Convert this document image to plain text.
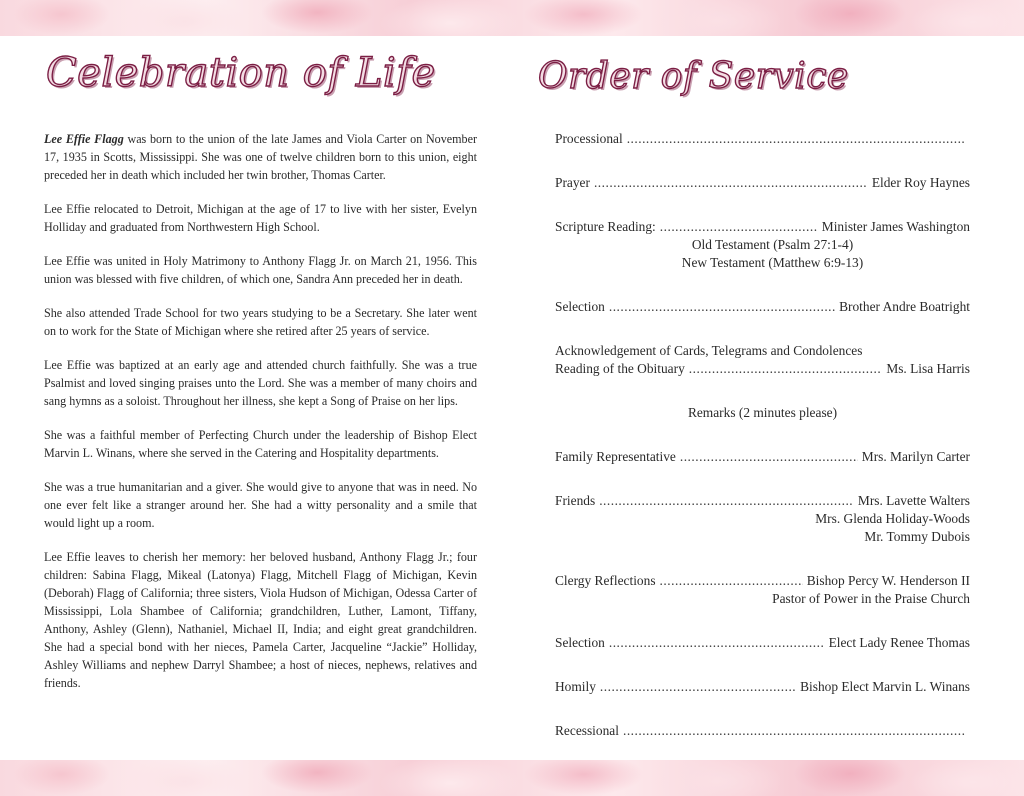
Celebration of Life

Lee Effie Flagg was born to the union of the late James and Viola Carter on November 17, 1935 in Scotts, Mississippi. She was one of twelve children born to this union, eight preceded her in death which included her twin brother, Thomas Carter.

Lee Effie relocated to Detroit, Michigan at the age of 17 to live with her sister, Evelyn Holliday and graduated from Northwestern High School.

Lee Effie was united in Holy Matrimony to Anthony Flagg Jr. on March 21, 1956. This union was blessed with five children, of which one, Sandra Ann preceded her in death.

She also attended Trade School for two years studying to be a Secretary. She later went on to work for the State of Michigan where she retired after 25 years of service.

Lee Effie was baptized at an early age and attended church faithfully. She was a true Psalmist and loved singing praises unto the Lord. She was a member of many choirs and sang hymns as a soloist. Throughout her illness, she kept a Song of Praise on her lips.

She was a faithful member of Perfecting Church under the leadership of Bishop Elect Marvin L. Winans, where she served in the Catering and Hospitality departments.

She was a true humanitarian and a giver. She would give to anyone that was in need. No one ever felt like a stranger around her. She had a witty personality and a smile that would light up a room.

Lee Effie leaves to cherish her memory: her beloved husband, Anthony Flagg Jr.; four children: Sabina Flagg, Mikeal (Latonya) Flagg, Mitchell Flagg of Michigan, Kevin (Deborah) Flagg of California; three sisters, Viola Hudson of Michigan, Odessa Carter of Mississippi, Lola Shambee of California; grandchildren, Luther, Lamont, Tiffany, Anthony, Ashley (Glenn), Nathaniel, Michael II, India; and eight great grandchildren. She had a special bond with her nieces, Pamela Carter, Jacqueline “Jackie” Holliday, Ashley Williams and nephew Darryl Shambee; a host of nieces, nephews, relatives and friends.

Order of Service
Processional
.....
Prayer .....	Elder Roy Haynes
Scripture Reading: .....	Minister James Washington
Old Testament (Psalm 27:1-4)
New Testament (Matthew 6:9-13)
Selection .....	Brother Andre Boatright
Acknowledgement of Cards, Telegrams and Condolences
Reading of the Obituary .....	Ms. Lisa Harris
Remarks (2 minutes please)
Family Representative .....	Mrs. Marilyn Carter
Friends .....	Mrs. Lavette Walters
Mrs. Glenda Holiday-Woods
Mr. Tommy Dubois
Clergy Reflections .....	Bishop Percy W. Henderson II
Pastor of Power in the Praise Church
Selection .....	Elect Lady Renee Thomas
Homily .....	Bishop Elect Marvin L. Winans
Recessional
.....
